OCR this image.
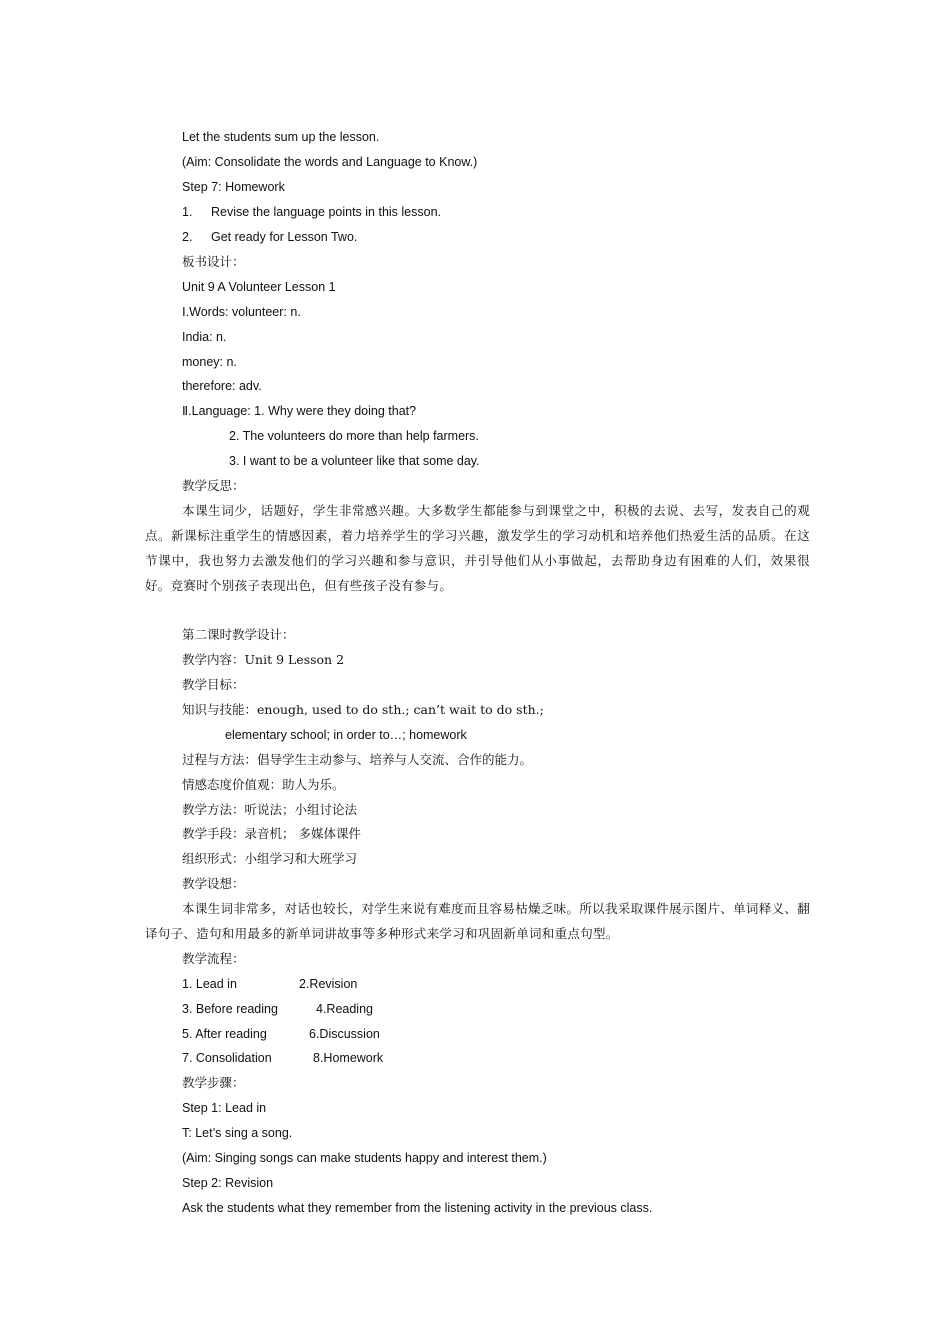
Let the students sum up the lesson.
(Aim: Consolidate the words and Language to Know.)
Step 7: Homework
1. Revise the language points in this lesson.
2. Get ready for Lesson Two.
板书设计：
Unit 9 A Volunteer Lesson 1
Ⅰ.Words: volunteer: n.
India: n.
money: n.
therefore: adv.
Ⅱ.Language: 1. Why were they doing that?
2. The volunteers do more than help farmers.
3. I want to be a volunteer like that some day.
教学反思：
本课生词少，话题好，学生非常感兴趣。大多数学生都能参与到课堂之中，积极的去说、去写，发表自己的观点。新课标注重学生的情感因素，着力培养学生的学习兴趣，激发学生的学习动机和培养他们热爱生活的品质。在这节课中，我也努力去激发他们的学习兴趣和参与意识，并引导他们从小事做起，去帮助身边有困难的人们，效果很好。竞赛时个别孩子表现出色，但有些孩子没有参与。
第二课时教学设计：
教学内容：Unit 9 Lesson 2
教学目标：
知识与技能：enough, used to do sth.; can’t wait to do sth.;
elementary school; in order to…; homework
过程与方法：倡导学生主动参与、培养与人交流、合作的能力。
情感态度价值观：助人为乐。
教学方法：听说法；小组讨论法
教学手段：录音机； 多媒体课件
组织形式：小组学习和大班学习
教学设想：
本课生词非常多，对话也较长，对学生来说有难度而且容易枯燥乏味。所以我采取课件展示图片、单词释义、翻译句子、造句和用最多的新单词讲故事等多种形式来学习和巩固新单词和重点句型。
教学流程：
1. Lead in	2.Revision
3. Before reading	4.Reading
5. After reading	6.Discussion
7. Consolidation	8.Homework
教学步骤：
Step 1: Lead in
T: Let’s sing a song.
(Aim: Singing songs can make students happy and interest them.)
Step 2: Revision
Ask the students what they remember from the listening activity in the previous class.
